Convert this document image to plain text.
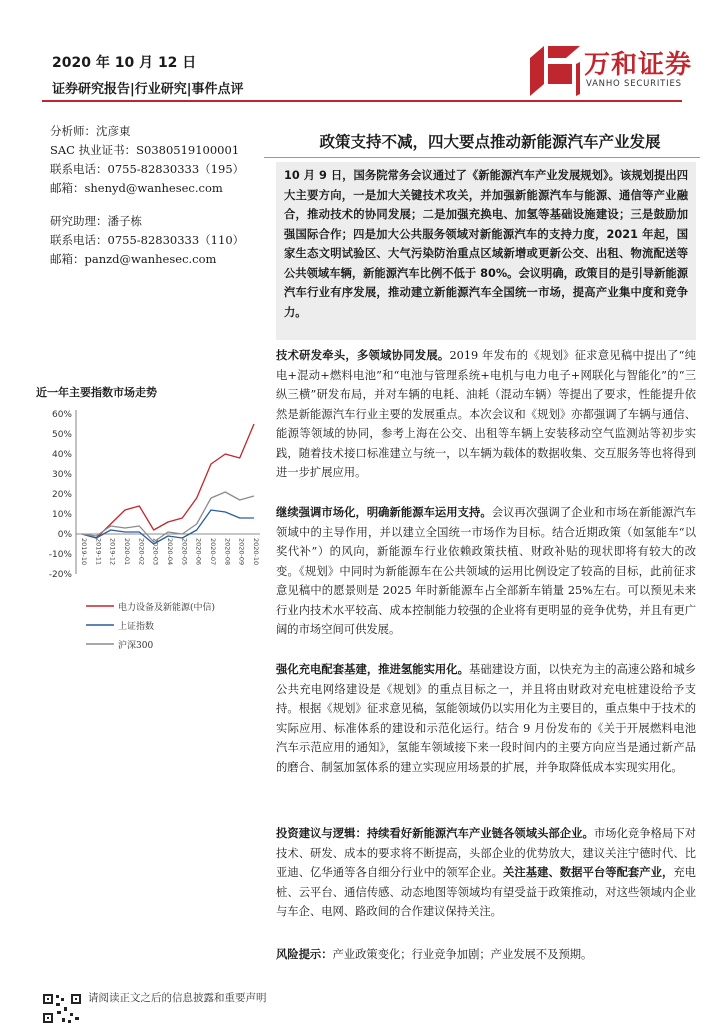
2020 年 10 月 12 日
证券研究报告|行业研究|事件点评
万和证券
VANHO SECURITIES
分析师：沈彦東
SAC 执业证书：S0380519100001
联系电话：0755-82830333（195）
邮箱：shenyd@wanhesec.com
研究助理：潘子栋
联系电话：0755-82830333（110）
邮箱：panzd@wanhesec.com
近一年主要指数市场走势
60%
50%
40%
30%
20%
10%
0%
-10%
-20%
2019-10 2019-11 2019-12 2020-01 2020-02 2020-03 2020-04 2020-05 2020-06 2020-07 2020-08 2020-09 2020-10
电力设备及新能源(中信)
上证指数
沪深300
政策支持不减，四大要点推动新能源汽车产业发展

10 月 9 日，国务院常务会议通过了《新能源汽车产业发展规划》。该规划提出四大主要方向，一是加大关键技术攻关，并加强新能源汽车与能源、通信等产业融合，推动技术的协同发展；二是加强充换电、加氢等基础设施建设；三是鼓励加强国际合作；四是加大公共服务领域对新能源汽车的支持力度，2021 年起，国家生态文明试验区、大气污染防治重点区域新增或更新公交、出租、物流配送等公共领域车辆，新能源汽车比例不低于 80%。会议明确，政策目的是引导新能源汽车行业有序发展，推动建立新能源汽车全国统一市场，提高产业集中度和竞争力。

技术研发牵头，多领域协同发展。2019 年发布的《规划》征求意见稿中提出了“纯电+混动+燃料电池”和“电池与管理系统+电机与电力电子+网联化与智能化”的“三纵三横”研发布局，并对车辆的电耗、油耗（混动车辆）等提出了要求，性能提升依然是新能源汽车行业主要的发展重点。本次会议和《规划》亦都强调了车辆与通信、能源等领域的协同，参考上海在公交、出租等车辆上安装移动空气监测站等初步实践，随着技术接口标准建立与统一，以车辆为载体的数据收集、交互服务等也将得到进一步扩展应用。

继续强调市场化，明确新能源车运用支持。会议再次强调了企业和市场在新能源汽车领域中的主导作用，并以建立全国统一市场作为目标。结合近期政策（如氢能车“以奖代补”）的风向，新能源车行业依赖政策扶植、财政补贴的现状即将有较大的改变。《规划》中同时为新能源车在公共领域的运用比例设定了较高的目标，此前征求意见稿中的愿景则是 2025 年时新能源车占全部新车销量 25%左右。可以预见未来行业内技术水平较高、成本控制能力较强的企业将有更明显的竞争优势，并且有更广阔的市场空间可供发展。

强化充电配套基建，推进氢能实用化。基础建设方面，以快充为主的高速公路和城乡公共充电网络建设是《规划》的重点目标之一，并且将由财政对充电桩建设给予支持。根据《规划》征求意见稿，氢能领域仍以实用化为主要目的，重点集中于技术的实际应用、标准体系的建设和示范化运行。结合 9 月份发布的《关于开展燃料电池汽车示范应用的通知》，氢能车领域接下来一段时间内的主要方向应当是通过新产品的磨合、制氢加氢体系的建立实现应用场景的扩展，并争取降低成本实现实用化。

投资建议与逻辑：持续看好新能源汽车产业链各领域头部企业。市场化竞争格局下对技术、研发、成本的要求将不断提高，头部企业的优势放大，建议关注宁德时代、比亚迪、亿华通等各自细分行业中的领军企业。关注基建、数据平台等配套产业，充电桩、云平台、通信传感、动态地图等领域均有望受益于政策推动，对这些领域内企业与车企、电网、路政间的合作建议保持关注。

风险提示：产业政策变化；行业竞争加剧；产业发展不及预期。

请阅读正文之后的信息披露和重要声明
